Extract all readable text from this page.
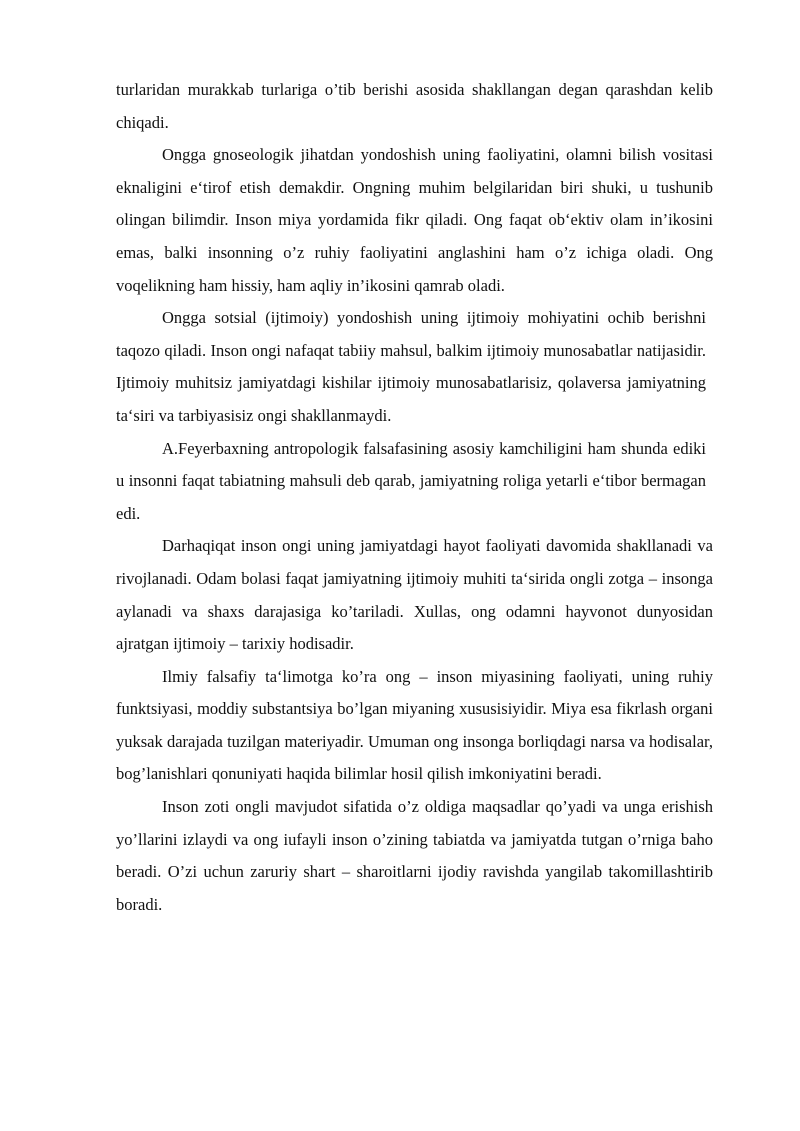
turlaridan murakkab turlariga o’tib berishi asosida shakllangan degan qarashdan kelib chiqadi.

Ongga gnoseologik jihatdan yondoshish uning faoliyatini, olamni bilish vositasi eknaligini e‘tirof etish demakdir. Ongning muhim belgilaridan biri shuki, u tushunib olingan bilimdir. Inson miya yordamida fikr qiladi. Ong faqat ob‘ektiv olam in’ikosini emas, balki insonning o’z ruhiy faoliyatini anglashini ham o’z ichiga oladi. Ong voqelikning ham hissiy, ham aqliy in’ikosini qamrab oladi.

Ongga sotsial (ijtimoiy) yondoshish uning ijtimoiy mohiyatini ochib berishni taqozo qiladi. Inson ongi nafaqat tabiiy mahsul, balkim ijtimoiy munosabatlar natijasidir. Ijtimoiy muhitsiz jamiyatdagi kishilar ijtimoiy munosabatlarisiz, qolaversa jamiyatning ta‘siri va tarbiyasisiz ongi shakllanmaydi.

A.Feyerbaxning antropologik falsafasining asosiy kamchiligini ham shunda ediki u insonni faqat tabiatning mahsuli deb qarab, jamiyatning roliga yetarli e‘tibor bermagan edi.

Darhaqiqat inson ongi uning jamiyatdagi hayot faoliyati davomida shakllanadi va rivojlanadi. Odam bolasi faqat jamiyatning ijtimoiy muhiti ta‘sirida ongli zotga – insonga aylanadi va shaxs darajasiga ko’tariladi. Xullas, ong odamni hayvonot dunyosidan ajratgan ijtimoiy – tarixiy hodisadir.

Ilmiy falsafiy ta‘limotga ko’ra ong – inson miyasining faoliyati, uning ruhiy funktsiyasi, moddiy substantsiya bo’lgan miyaning xususisiyidir. Miya esa fikrlash organi yuksak darajada tuzilgan materiyadir. Umuman ong insonga borliqdagi narsa va hodisalar, bog’lanishlari qonuniyati haqida bilimlar hosil qilish imkoniyatini beradi.

Inson zoti ongli mavjudot sifatida o’z oldiga maqsadlar qo’yadi va unga erishish yo’llarini izlaydi va ong iufayli inson o’zining tabiatda va jamiyatda tutgan o’rniga baho beradi. O’zi uchun zaruriy shart – sharoitlarni ijodiy ravishda yangilab takomillashtirib boradi.
